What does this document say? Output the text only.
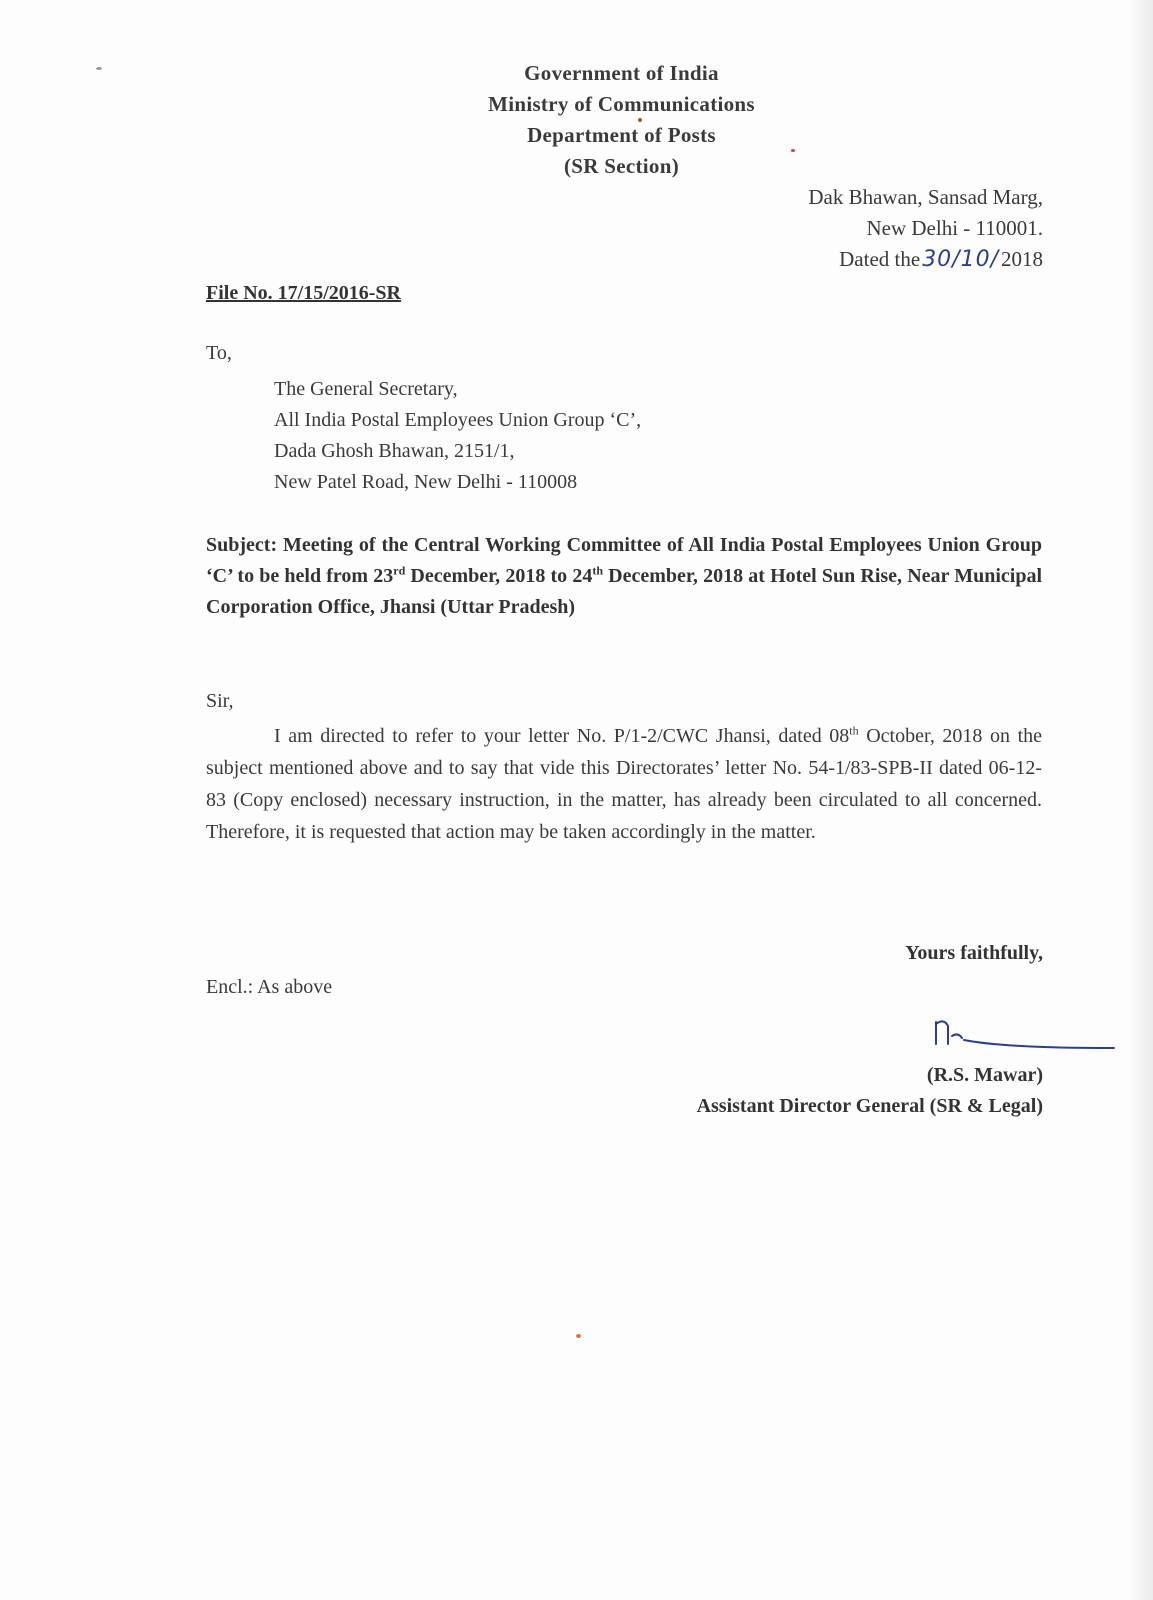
Government of India
Ministry of Communications
Department of Posts
(SR Section)
Dak Bhawan, Sansad Marg,
New Delhi - 110001.
Dated the 30/10/ 2018
File No. 17/15/2016-SR
To,
The General Secretary,
All India Postal Employees Union Group ‘C’,
Dada Ghosh Bhawan, 2151/1,
New Patel Road, New Delhi - 110008
Subject: Meeting of the Central Working Committee of All India Postal Employees Union Group ‘C’ to be held from 23rd December, 2018 to 24th December, 2018 at Hotel Sun Rise, Near Municipal Corporation Office, Jhansi (Uttar Pradesh)
Sir,
I am directed to refer to your letter No. P/1-2/CWC Jhansi, dated 08th October, 2018 on the subject mentioned above and to say that vide this Directorates’ letter No. 54-1/83-SPB-II dated 06-12-83 (Copy enclosed) necessary instruction, in the matter, has already been circulated to all concerned. Therefore, it is requested that action may be taken accordingly in the matter.
Yours faithfully,
Encl.: As above
(R.S. Mawar)
Assistant Director General (SR & Legal)
